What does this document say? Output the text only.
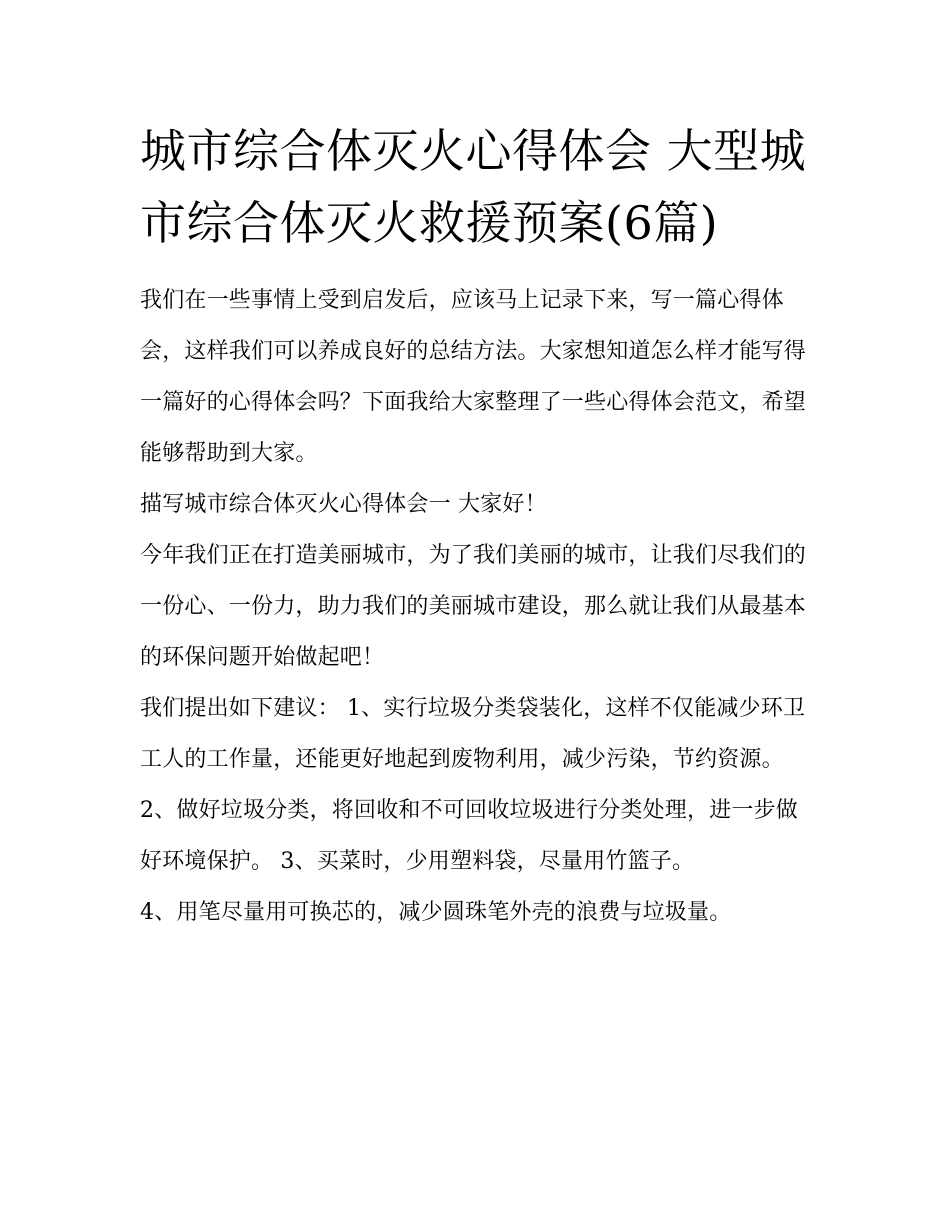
城市综合体灭火心得体会 大型城市综合体灭火救援预案(6篇)

我们在一些事情上受到启发后，应该马上记录下来，写一篇心得体会，这样我们可以养成良好的总结方法。大家想知道怎么样才能写得一篇好的心得体会吗？下面我给大家整理了一些心得体会范文，希望能够帮助到大家。

描写城市综合体灭火心得体会一 大家好！

今年我们正在打造美丽城市，为了我们美丽的城市，让我们尽我们的一份心、一份力，助力我们的美丽城市建设，那么就让我们从最基本的环保问题开始做起吧！

我们提出如下建议： 1、实行垃圾分类袋装化，这样不仅能减少环卫工人的工作量，还能更好地起到废物利用，减少污染，节约资源。

2、做好垃圾分类，将回收和不可回收垃圾进行分类处理，进一步做好环境保护。 3、买菜时，少用塑料袋，尽量用竹篮子。

4、用笔尽量用可换芯的，减少圆珠笔外壳的浪费与垃圾量。
